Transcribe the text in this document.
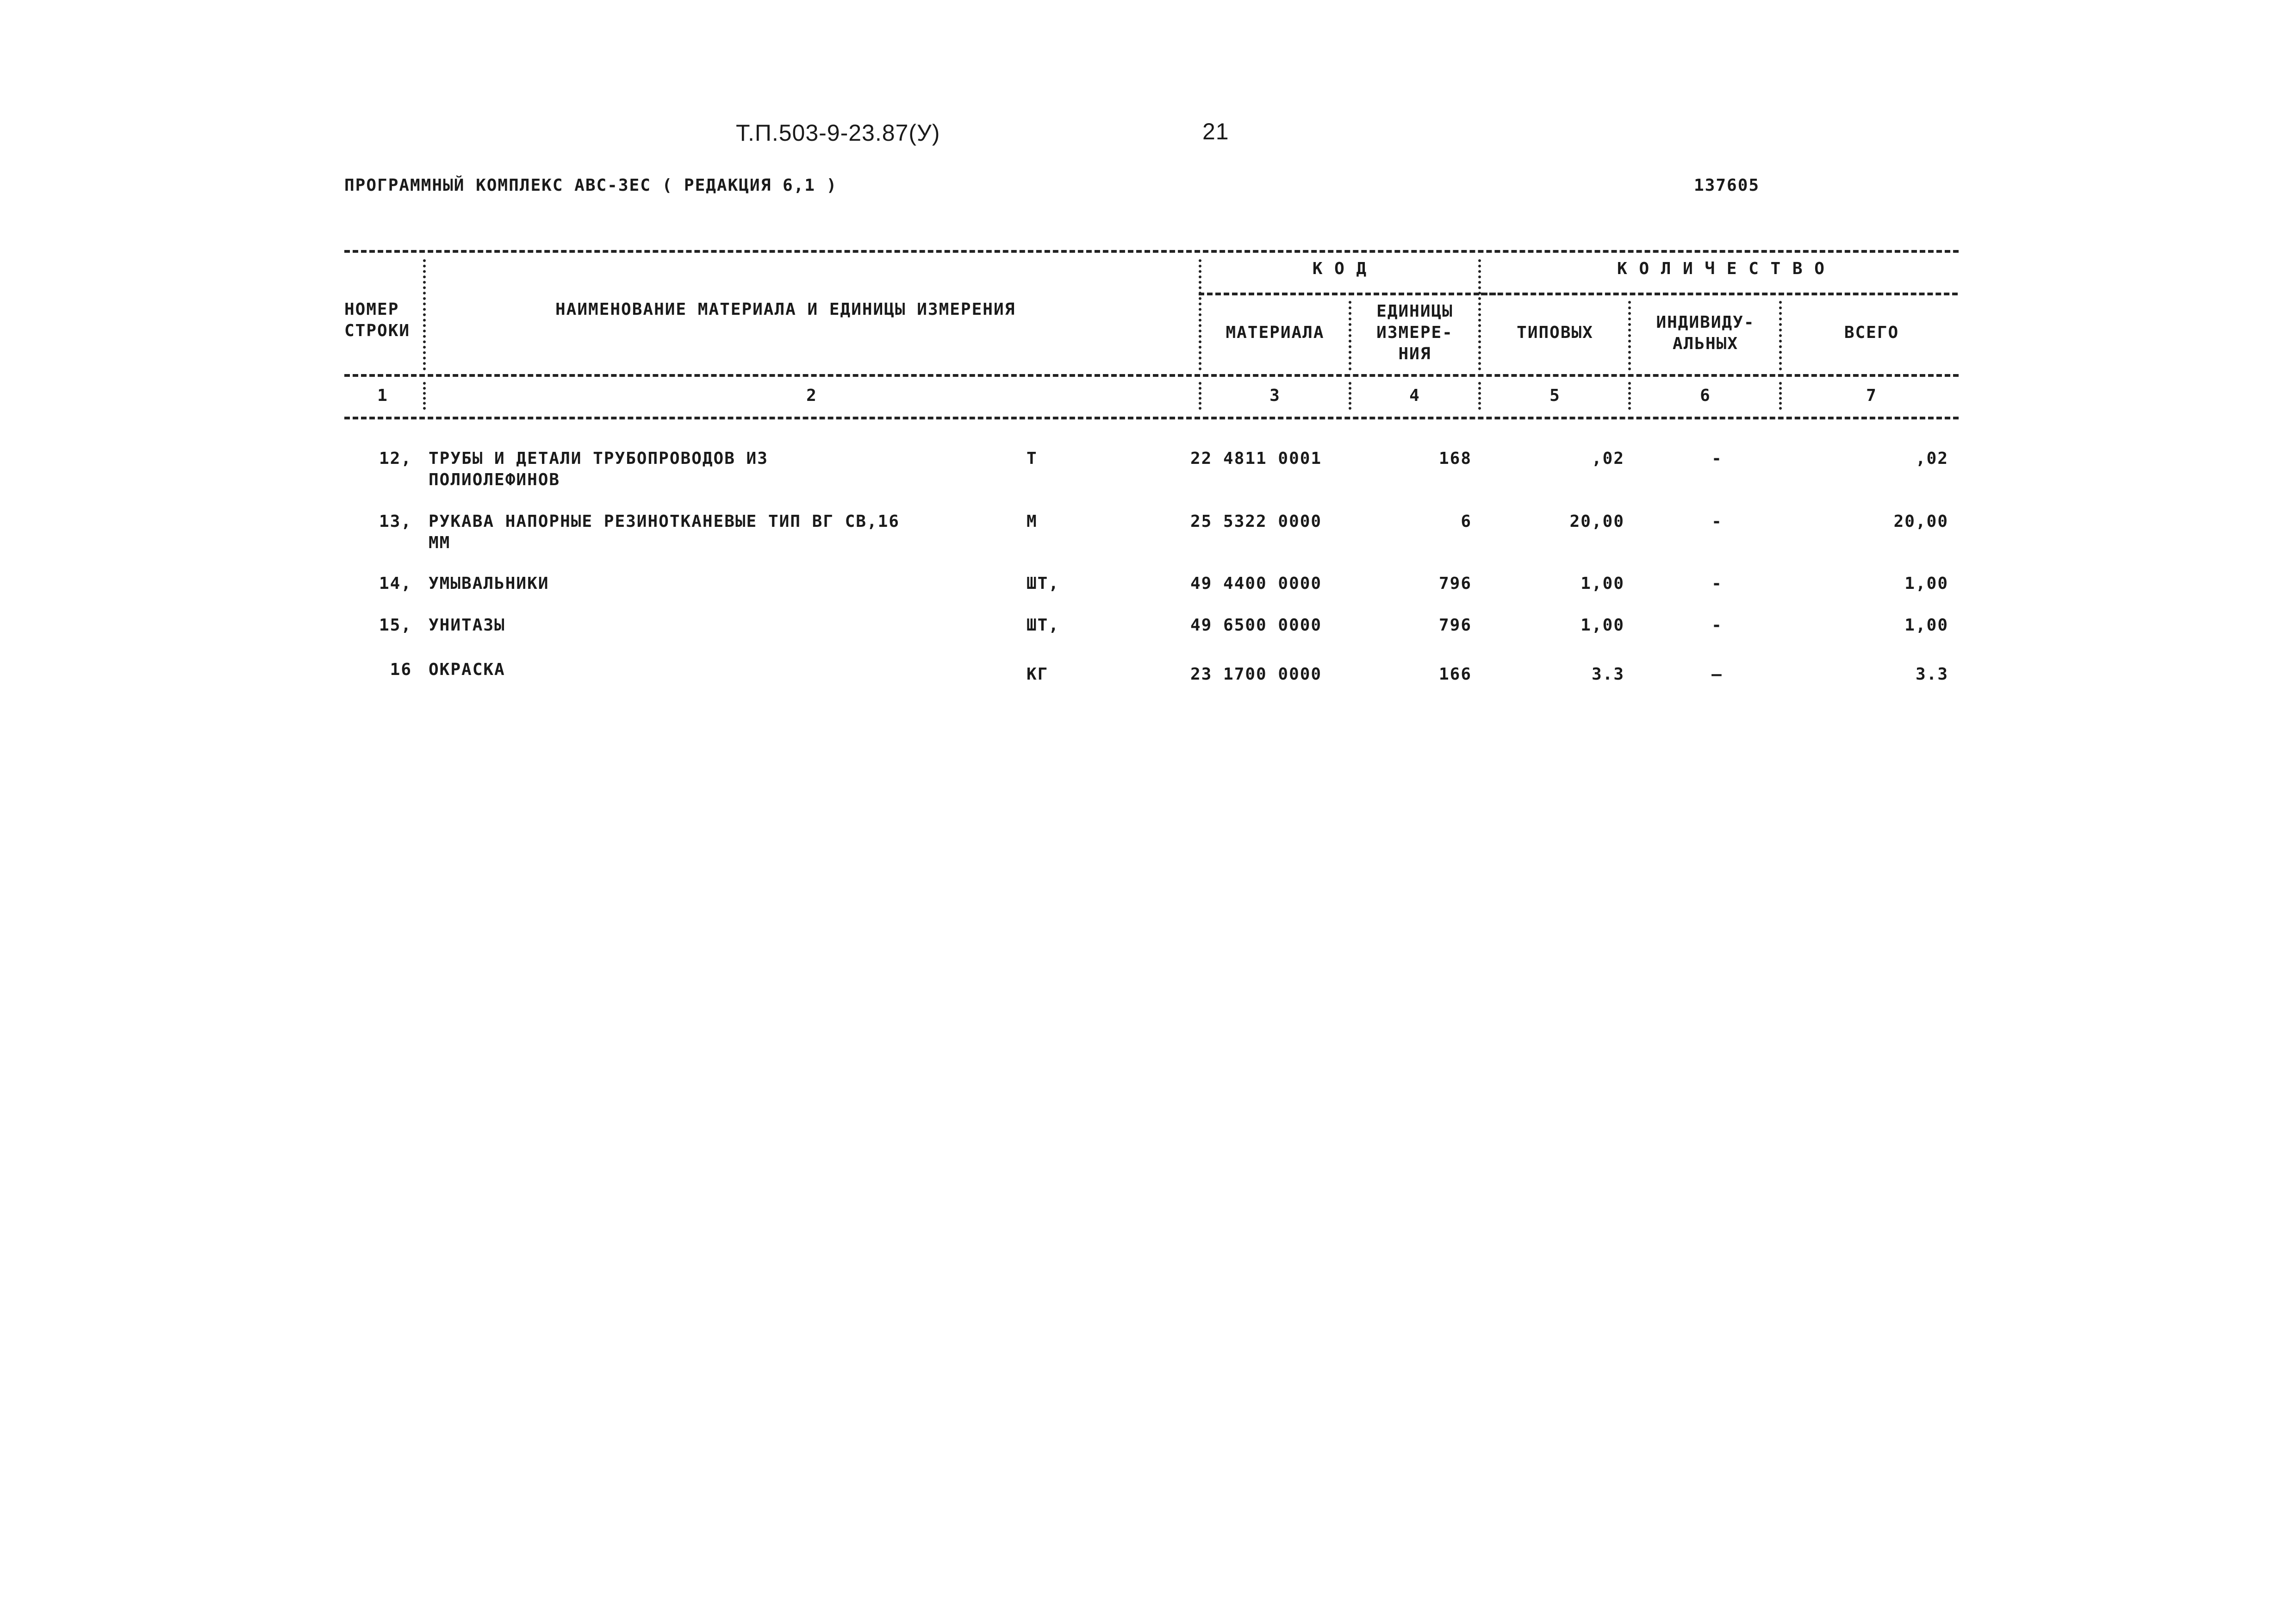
Т.П.503-9-23.87(У)	21
ПРОГРАММНЫЙ КОМПЛЕКС АВС-3ЕС ( РЕДАКЦИЯ 6,1 )	137605
НОМЕР
СТРОКИ
НАИМЕНОВАНИЕ МАТЕРИАЛА И ЕДИНИЦЫ ИЗМЕРЕНИЯ
К О Д
МАТЕРИАЛА
ЕДИНИЦЫ
ИЗМЕРЕ-
НИЯ
К О Л И Ч Е С Т В О
ТИПОВЫХ
ИНДИВИДУ-
АЛЬНЫХ
ВСЕГО
1	2	3	4	5	6	7
12, ТРУБЫ И ДЕТАЛИ ТРУБОПРОВОДОВ ИЗ
ПОЛИОЛЕФИНОВ
Т	22 4811 0001	168	,02	-	,02
13, РУКАВА НАПОРНЫЕ РЕЗИНОТКАНЕВЫЕ ТИП ВГ СВ,16
ММ
М	25 5322 0000	6	20,00	-	20,00
14, УМЫВАЛЬНИКИ	ШТ,	49 4400 0000	796	1,00	-	1,00
15, УНИТАЗЫ	ШТ,	49 6500 0000	796	1,00	-	1,00
16 ОКРАСКА	КГ	23 1700 0000	166	3.3	—	3.3
